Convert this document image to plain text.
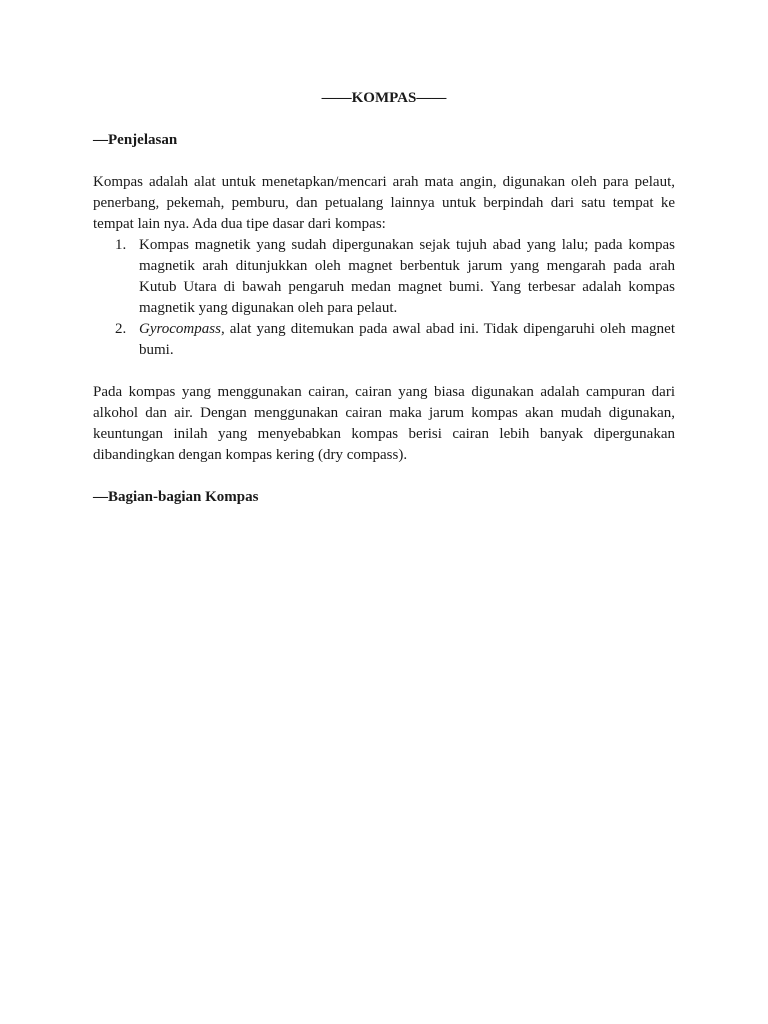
——KOMPAS——
—Penjelasan

Kompas adalah alat untuk menetapkan/mencari arah mata angin, digunakan oleh para pelaut, penerbang, pekemah, pemburu, dan petualang lainnya untuk berpindah dari satu tempat ke tempat lain nya. Ada dua tipe dasar dari kompas:

1. Kompas magnetik yang sudah dipergunakan sejak tujuh abad yang lalu; pada kompas magnetik arah ditunjukkan oleh magnet berbentuk jarum yang mengarah pada arah Kutub Utara di bawah pengaruh medan magnet bumi. Yang terbesar adalah kompas magnetik yang digunakan oleh para pelaut.
2. Gyrocompass, alat yang ditemukan pada awal abad ini. Tidak dipengaruhi oleh magnet bumi.

Pada kompas yang menggunakan cairan, cairan yang biasa digunakan adalah campuran dari alkohol dan air. Dengan menggunakan cairan maka jarum kompas akan mudah digunakan, keuntungan inilah yang menyebabkan kompas berisi cairan lebih banyak dipergunakan dibandingkan dengan kompas kering (dry compass).

—Bagian-bagian Kompas
